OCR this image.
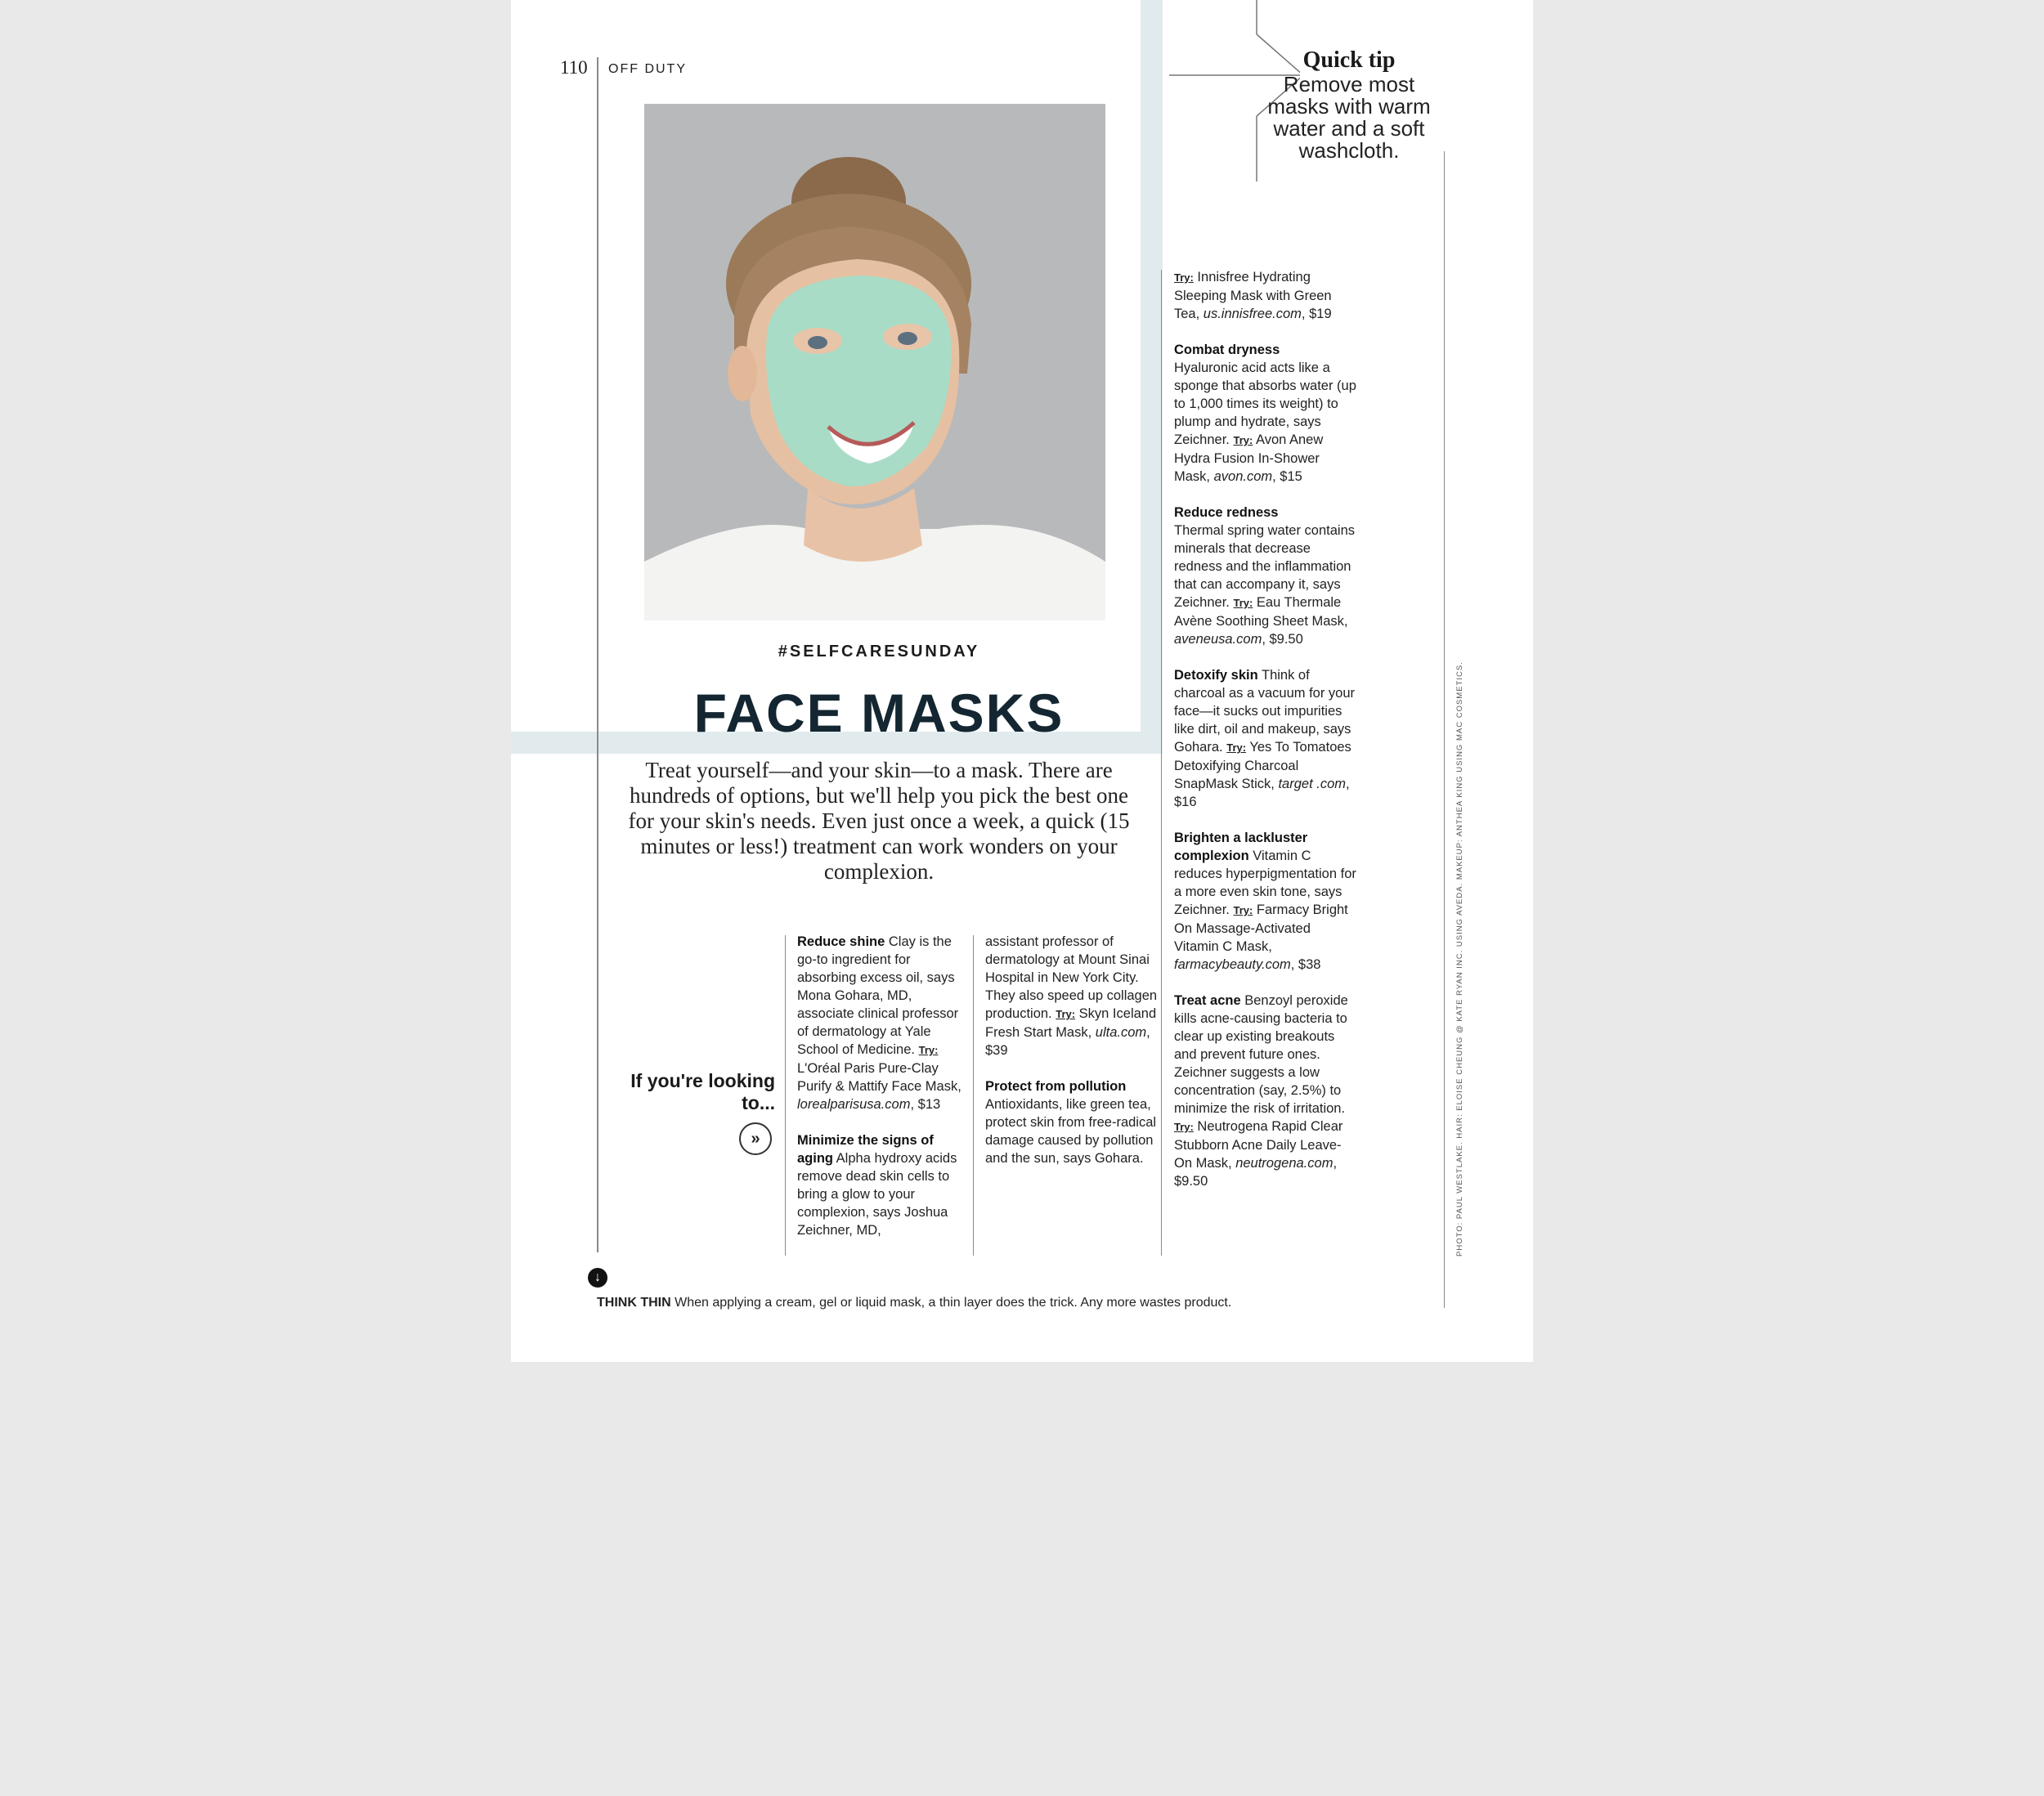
110 OFF DUTY
#SELFCARESUNDAY
FACE MASKS
Treat yourself—and your skin—to a mask. There are hundreds of options, but we'll help you pick the best one for your skin's needs. Even just once a week, a quick (15 minutes or less!) treatment can work wonders on your complexion.
If you're looking to...
»

Reduce shine Clay is the go-to ingredient for absorbing excess oil, says Mona Gohara, MD, associate clinical professor of dermatology at Yale School of Medicine. Try: L'Oréal Paris Pure-Clay Purify & Mattify Face Mask, lorealparisusa.com, $13

Minimize the signs of aging Alpha hydroxy acids remove dead skin cells to bring a glow to your complexion, says Joshua Zeichner, MD,

assistant professor of dermatology at Mount Sinai Hospital in New York City. They also speed up collagen production. Try: Skyn Iceland Fresh Start Mask, ulta.com, $39

Protect from pollution
Antioxidants, like green tea, protect skin from free-radical damage caused by pollution and the sun, says Gohara.

Try: Innisfree Hydrating Sleeping Mask with Green Tea, us.innisfree.com, $19

Combat dryness
Hyaluronic acid acts like a sponge that absorbs water (up to 1,000 times its weight) to plump and hydrate, says Zeichner. Try: Avon Anew Hydra Fusion In-Shower Mask, avon.com, $15

Reduce redness
Thermal spring water contains minerals that decrease redness and the inflammation that can accompany it, says Zeichner. Try: Eau Thermale Avène Soothing Sheet Mask, aveneusa.com, $9.50

Detoxify skin Think of charcoal as a vacuum for your face—it sucks out impurities like dirt, oil and makeup, says Gohara. Try: Yes To Tomatoes Detoxifying Charcoal SnapMask Stick, target .com, $16

Brighten a lackluster complexion Vitamin C reduces hyperpigmentation for a more even skin tone, says Zeichner. Try: Farmacy Bright On Massage-Activated Vitamin C Mask, farmacybeauty.com, $38

Treat acne Benzoyl peroxide kills acne-causing bacteria to clear up existing breakouts and prevent future ones. Zeichner suggests a low concentration (say, 2.5%) to minimize the risk of irritation. Try: Neutrogena Rapid Clear Stubborn Acne Daily Leave-On Mask, neutrogena.com, $9.50

Quick tip
Remove most masks with warm water and a soft washcloth.
PHOTO: PAUL WESTLAKE. HAIR: ELOISE CHEUNG @ KATE RYAN INC. USING AVEDA. MAKEUP: ANTHEA KING USING MAC COSMETICS.
↓
THINK THIN When applying a cream, gel or liquid mask, a thin layer does the trick. Any more wastes product.
